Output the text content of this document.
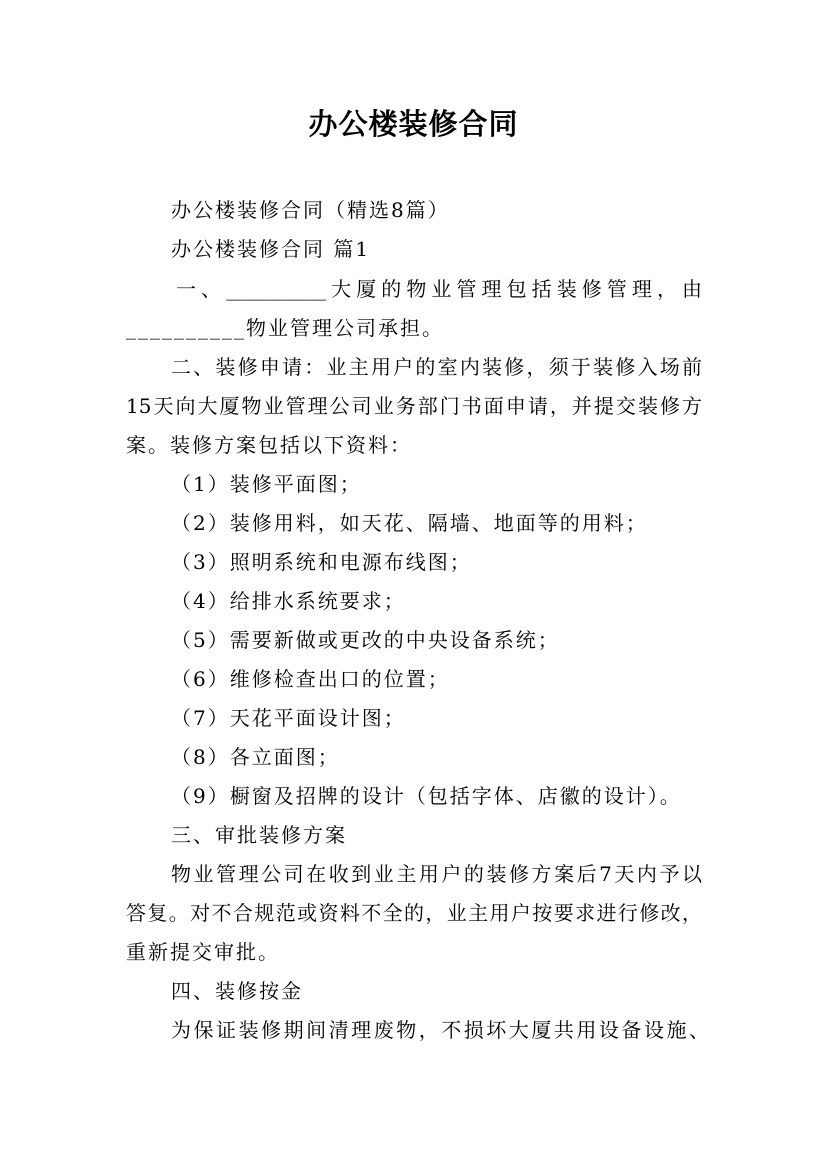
办公楼装修合同
办公楼装修合同（精选8篇）
办公楼装修合同 篇1
一、__________大厦的物业管理包括装修管理，由
__________物业管理公司承担。
二、装修申请：业主用户的室内装修，须于装修入场前
15天向大厦物业管理公司业务部门书面申请，并提交装修方
案。装修方案包括以下资料：
（1）装修平面图；
（2）装修用料，如天花、隔墙、地面等的用料；
（3）照明系统和电源布线图；
（4）给排水系统要求；
（5）需要新做或更改的中央设备系统；
（6）维修检查出口的位置；
（7）天花平面设计图；
（8）各立面图；
（9）橱窗及招牌的设计（包括字体、店徽的设计）。
三、审批装修方案
物业管理公司在收到业主用户的装修方案后7天内予以
答复。对不合规范或资料不全的，业主用户按要求进行修改，
重新提交审批。
四、装修按金
为保证装修期间清理废物，不损坏大厦共用设备设施、
